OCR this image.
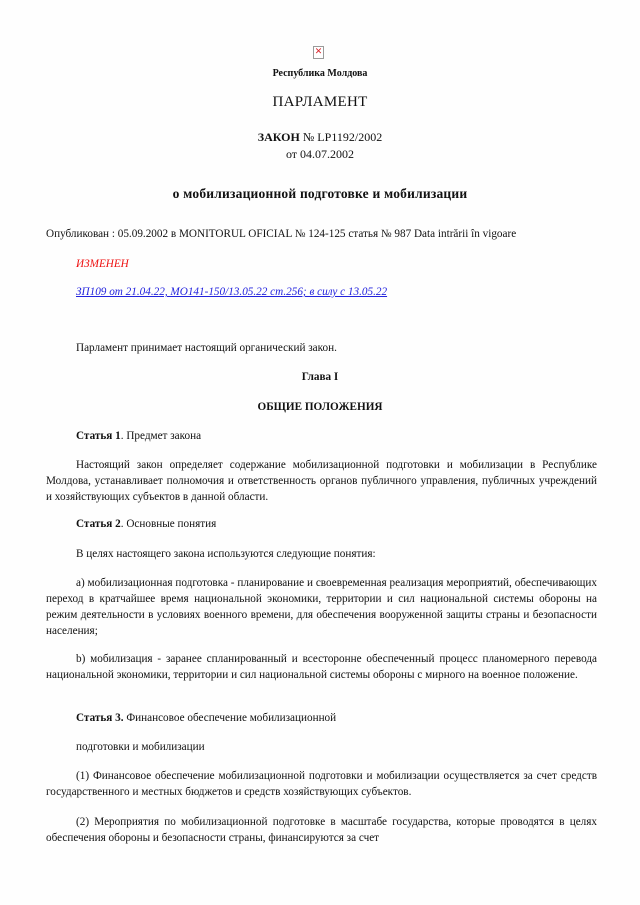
✕
Республика Молдова
ПАРЛАМЕНТ
ЗАКОН № LP1192/2002
от 04.07.2002
о мобилизационной подготовке и мобилизации
Опубликован : 05.09.2002 в MONITORUL OFICIAL № 124-125 статья № 987 Data intrării în vigoare
ИЗМЕНЕН
ЗП109 от 21.04.22, МО141-150/13.05.22 ст.256; в силу с 13.05.22
Парламент принимает настоящий органический закон.
Глава I
ОБЩИЕ ПОЛОЖЕНИЯ
Статья 1. Предмет закона
Настоящий закон определяет содержание мобилизационной подготовки и мобилизации в Республике Молдова, устанавливает полномочия и ответственность органов публичного управления, публичных учреждений и хозяйствующих субъектов в данной области.
Статья 2. Основные понятия
В целях настоящего закона используются следующие понятия:
а) мобилизационная подготовка - планирование и своевременная реализация мероприятий, обеспечивающих переход в кратчайшее время национальной экономики, территории и сил национальной системы обороны на режим деятельности в условиях военного времени, для обеспечения вооруженной защиты страны и безопасности населения;
b) мобилизация - заранее спланированный и всесторонне обеспеченный процесс планомерного перевода национальной экономики, территории и сил национальной системы обороны с мирного на военное положение.
Статья 3. Финансовое обеспечение мобилизационной
подготовки и мобилизации
(1) Финансовое обеспечение мобилизационной подготовки и мобилизации осуществляется за счет средств государственного и местных бюджетов и средств хозяйствующих субъектов.
(2) Мероприятия по мобилизационной подготовке в масштабе государства, которые проводятся в целях обеспечения обороны и безопасности страны, финансируются за счет
